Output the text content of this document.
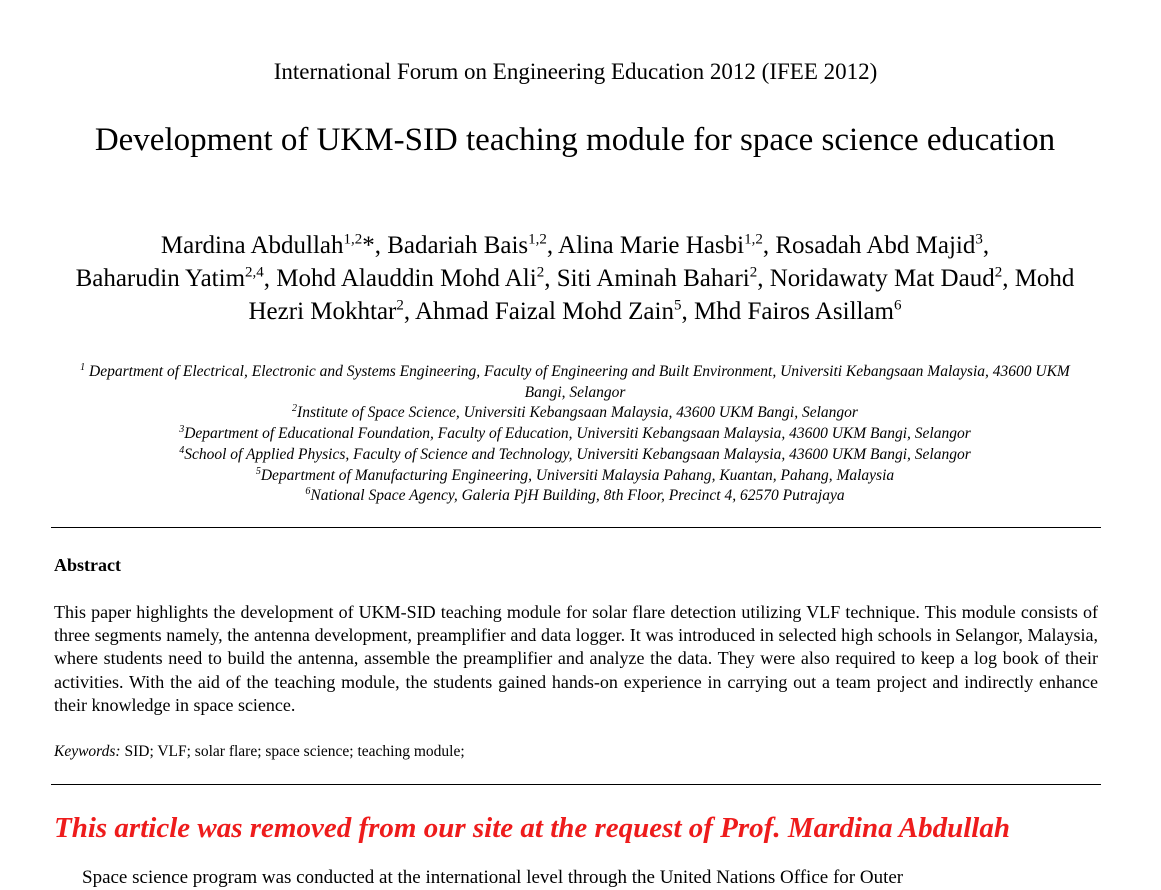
International Forum on Engineering Education 2012 (IFEE 2012)
Development of UKM-SID teaching module for space science education
Mardina Abdullah$^{1,2}$*, Badariah Bais$^{1,2}$, Alina Marie Hasbi$^{1,2}$, Rosadah Abd Majid$^3$,
Baharudin Yatim$^{2,4}$, Mohd Alauddin Mohd Ali$^2$, Siti Aminah Bahari$^2$, Noridawaty Mat Daud$^2$, Mohd Hezri Mokhtar$^2$, Ahmad Faizal Mohd Zain$^5$, Mhd Fairos Asillam$^6$
$^1$ Department of Electrical, Electronic and Systems Engineering, Faculty of Engineering and Built Environment, Universiti Kebangsaan Malaysia, 43600 UKM Bangi, Selangor
$^2$Institute of Space Science, Universiti Kebangsaan Malaysia, 43600 UKM Bangi, Selangor
$^3$Department of Educational Foundation, Faculty of Education, Universiti Kebangsaan Malaysia, 43600 UKM Bangi, Selangor
$^4$School of Applied Physics, Faculty of Science and Technology, Universiti Kebangsaan Malaysia, 43600 UKM Bangi, Selangor
$^5$Department of Manufacturing Engineering, Universiti Malaysia Pahang, Kuantan, Pahang, Malaysia
$^6$National Space Agency, Galeria PjH Building, 8th Floor, Precinct 4, 62570 Putrajaya
Abstract
This paper highlights the development of UKM-SID teaching module for solar flare detection utilizing VLF technique. This module consists of three segments namely, the antenna development, preamplifier and data logger. It was introduced in selected high schools in Selangor, Malaysia, where students need to build the antenna, assemble the preamplifier and analyze the data. They were also required to keep a log book of their activities. With the aid of the teaching module, the students gained hands-on experience in carrying out a team project and indirectly enhance their knowledge in space science.
Keywords: SID; VLF; solar flare; space science; teaching module;
This article was removed from our site at the request of Prof. Mardina Abdullah
Space science program was conducted at the international level through the United Nations Office for Outer
